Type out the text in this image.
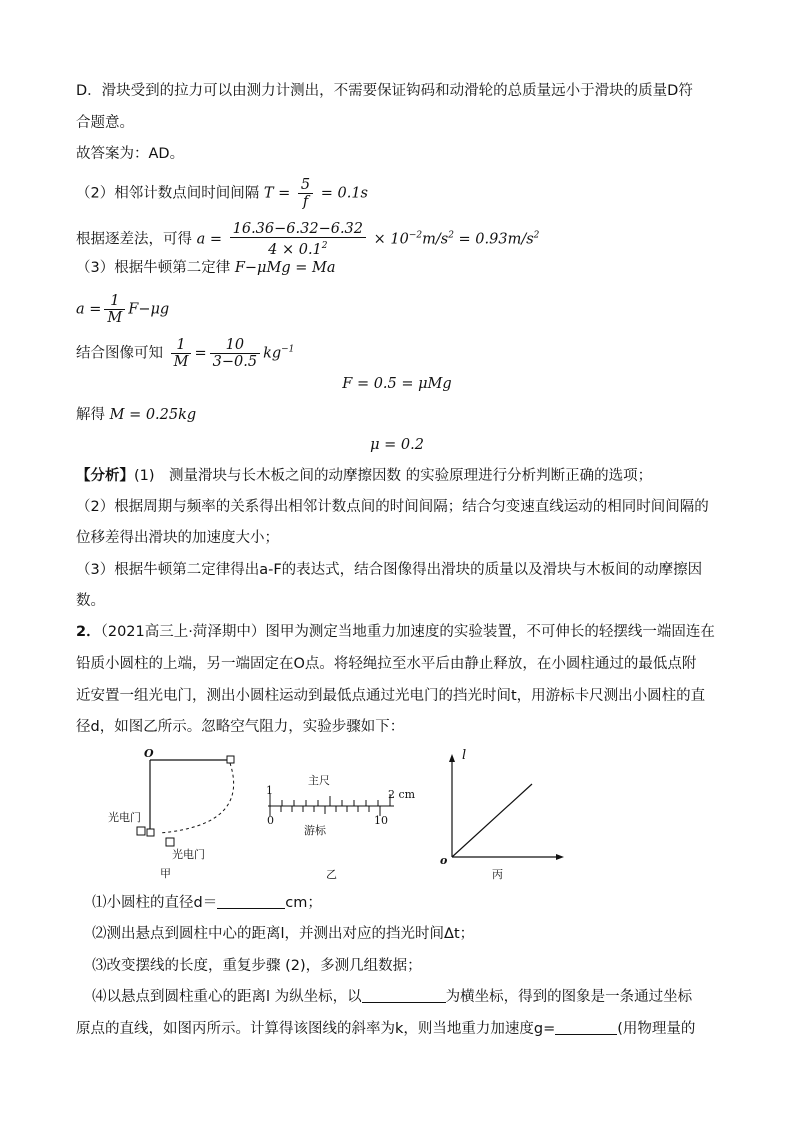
D．滑块受到的拉力可以由测力计测出，不需要保证钩码和动滑轮的总质量远小于滑块的质量D符
合题意。
故答案为：AD。
（2）相邻计数点间时间间隔 $T = \frac{5}{f} = 0.1s$
根据逐差法，可得 $a = \frac{16.36-6.32-6.32}{4 \times 0.1^2} \times 10^{-2}m/s^2 = 0.93m/s^2$
（3）根据牛顿第二定律 F−μMg = Ma
$a = \frac{1}{M} F-\mu g$
结合图像可知 $\frac{1}{M} = \frac{10}{3-0.5} kg^{-1}$
F = 0.5 = μMg
解得 M = 0.25kg
μ = 0.2
【分析】(1)　测量滑块与长木板之间的动摩擦因数 的实验原理进行分析判断正确的选项；
（2）根据周期与频率的关系得出相邻计数点间的时间间隔；结合匀变速直线运动的相同时间间隔的
位移差得出滑块的加速度大小；
（3）根据牛顿第二定律得出a-F的表达式，结合图像得出滑块的质量以及滑块与木板间的动摩擦因
数。
2．（2021高三上·菏泽期中）图甲为测定当地重力加速度的实验装置，不可伸长的轻摆线一端固连在
铅质小圆柱的上端，另一端固定在O点。将轻绳拉至水平后由静止释放，在小圆柱通过的最低点附
近安置一组光电门，测出小圆柱运动到最低点通过光电门的挡光时间t，用游标卡尺测出小圆柱的直
径d，如图乙所示。忽略空气阻力，实验步骤如下：
O
光电门
光电门
甲
1
主尺
2 cm
0
游标
10
乙
l
o
丙
⑴小圆柱的直径d＝	cm；
⑵测出悬点到圆柱中心的距离l，并测出对应的挡光时间Δt；
⑶改变摆线的长度，重复步骤 (2)，多测几组数据；
⑷以悬点到圆柱重心的距离l 为纵坐标，以	为横坐标，得到的图象是一条通过坐标
原点的直线，如图丙所示。计算得该图线的斜率为k，则当地重力加速度g=	(用物理量的
